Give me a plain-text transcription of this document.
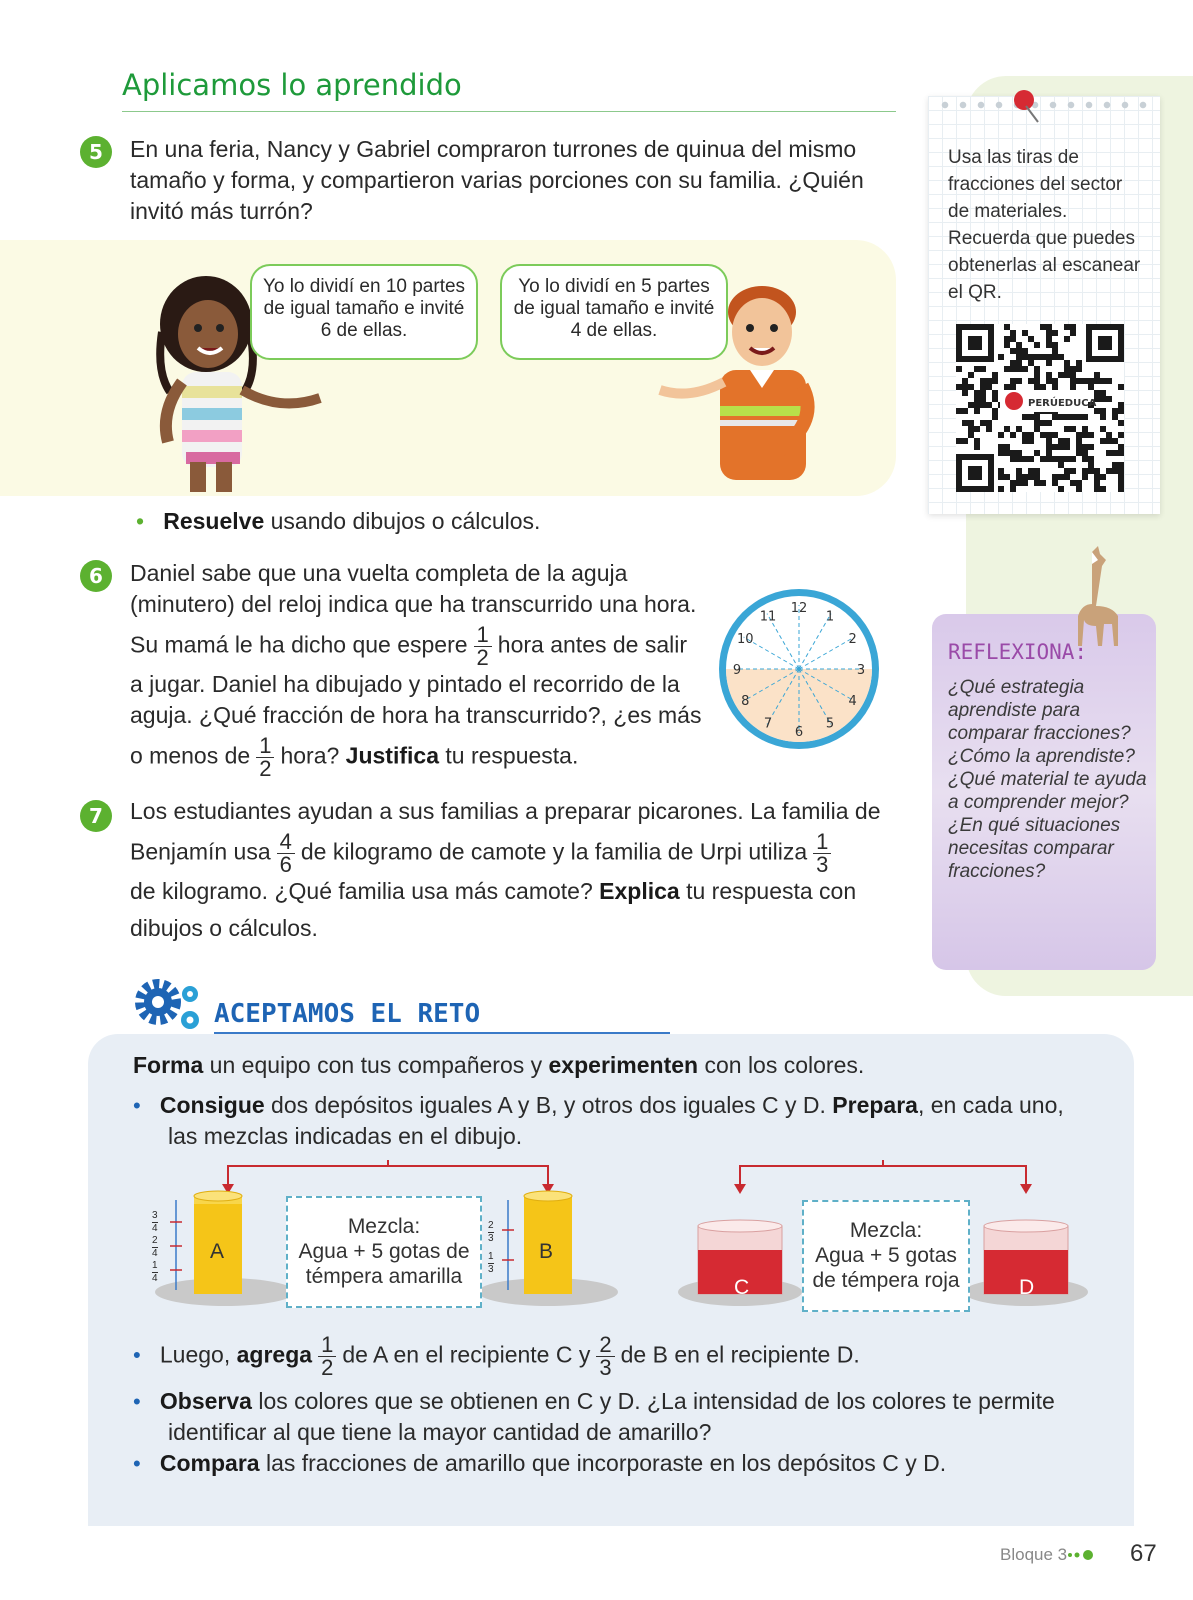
Aplicamos lo aprendido
5	En una feria, Nancy y Gabriel compraron turrones de quinua del mismo tamaño y forma, y compartieron varias porciones con su familia. ¿Quién invitó más turrón?
Yo lo dividí en 10 partes de igual tamaño e invité 6 de ellas.
Yo lo dividí en 5 partes de igual tamaño e invité 4 de ellas.
• Resuelve usando dibujos o cálculos.
6	Daniel sabe que una vuelta completa de la aguja
(minutero) del reloj indica que ha transcurrido una hora.
Su mamá le ha dicho que espere $\frac{1}{2}$ hora antes de salir
a jugar. Daniel ha dibujado y pintado el recorrido de la
aguja. ¿Qué fracción de hora ha transcurrido?, ¿es más
o menos de $\frac{1}{2}$ hora? Justifica tu respuesta.
12
1
2
3
4
5
6
7
8
9
10
11
7	Los estudiantes ayudan a sus familias a preparar picarones. La familia de
Benjamín usa $\frac{4}{6}$ de kilogramo de camote y la familia de Urpi utiliza $\frac{1}{3}$
de kilogramo. ¿Qué familia usa más camote? Explica tu respuesta con
dibujos o cálculos.
Usa las tiras de fracciones del sector de materiales. Recuerda que puedes obtenerlas al escanear el QR.
PERÚEDUCA
REFLEXIONA:
¿Qué estrategia aprendiste para comparar fracciones?
¿Cómo la aprendiste?
¿Qué material te ayuda a comprender mejor?
¿En qué situaciones necesitas comparar fracciones?
ACEPTAMOS EL RETO
Forma un equipo con tus compañeros y experimenten con los colores.
• Consigue dos depósitos iguales A y B, y otros dos iguales C y D. Prepara, en cada uno,
las mezclas indicadas en el dibujo.
A	B
C	D
3
4
2
4
1
4
2
3
1
3
Mezcla:
Agua + 5 gotas de
témpera amarilla
Mezcla:
Agua + 5 gotas
de témpera roja
• Luego, agrega $\frac{1}{2}$ de A en el recipiente C y $\frac{2}{3}$ de B en el recipiente D.
• Observa los colores que se obtienen en C y D. ¿La intensidad de los colores te permite
identificar al que tiene la mayor cantidad de amarillo?
• Compara las fracciones de amarillo que incorporaste en los depósitos C y D.
Bloque 3	67
